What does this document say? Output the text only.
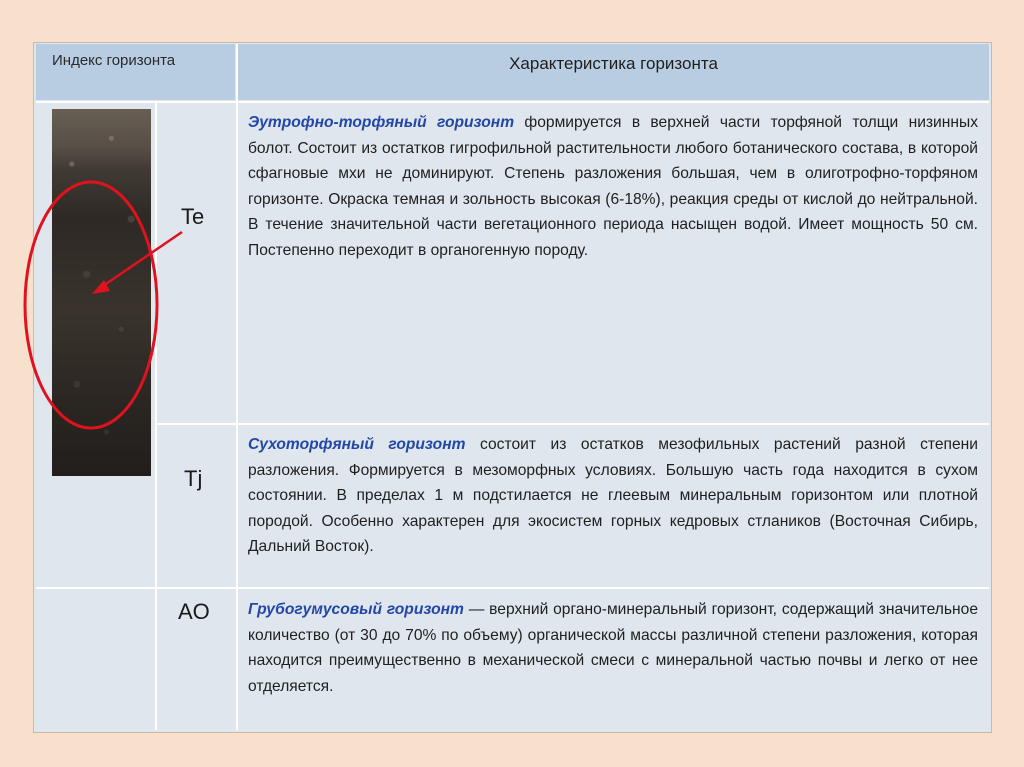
Индекс горизонта	Характеристика горизонта
Te
Tj
AO
Эутрофно-торфяный горизонт формируется в верхней части торфяной толщи низинных болот. Состоит из остатков гигрофильной растительности любого ботанического состава, в которой сфагновые мхи не доминируют. Степень разложения большая, чем в олиготрофно-торфяном горизонте. Окраска темная и зольность высокая (6-18%), реакция среды от кислой до нейтральной. В течение значительной части вегетационного периода насыщен водой. Имеет мощность 50 см. Постепенно переходит в органогенную породу.
Сухоторфяный горизонт состоит из остатков мезофильных растений разной степени разложения. Формируется в мезоморфных условиях. Большую часть года находится в сухом состоянии. В пределах 1 м подстилается не глеевым минеральным горизонтом или плотной породой. Особенно характерен для экосистем горных кедровых стлаников (Восточная Сибирь, Дальний Восток).
Грубогумусовый горизонт — верхний органо-минеральный горизонт, содержащий значительное количество (от 30 до 70% по объему) органической массы различной степени разложения, которая находится преимущественно в механической смеси с минеральной частью почвы и легко от нее отделяется.
